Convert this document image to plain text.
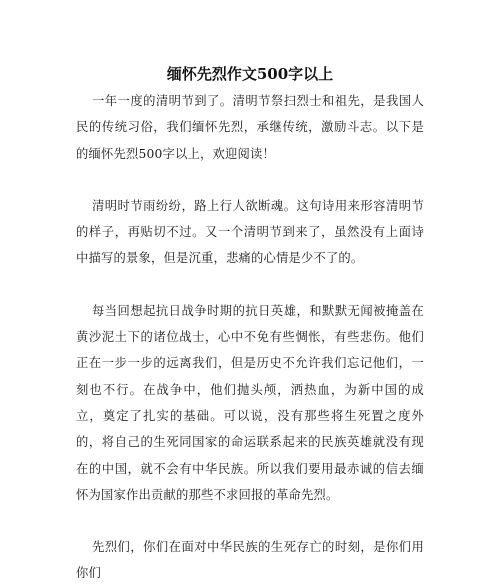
缅怀先烈作文500字以上

一年一度的清明节到了。清明节祭扫烈士和祖先，是我国人民的传统习俗，我们缅怀先烈，承继传统，激励斗志。以下是的缅怀先烈500字以上，欢迎阅读！

清明时节雨纷纷，路上行人欲断魂。这句诗用来形容清明节的样子，再贴切不过。又一个清明节到来了，虽然没有上面诗中描写的景象，但是沉重，悲痛的心情是少不了的。

每当回想起抗日战争时期的抗日英雄，和默默无闻被掩盖在黄沙泥土下的诸位战士，心中不免有些惆怅，有些悲伤。他们正在一步一步的远离我们，但是历史不允许我们忘记他们，一刻也不行。在战争中，他们抛头颅，洒热血，为新中国的成立，奠定了扎实的基础。可以说，没有那些将生死置之度外的，将自己的生死同国家的命运联系起来的民族英雄就没有现在的中国，就不会有中华民族。所以我们要用最赤诚的信去缅怀为国家作出贡献的那些不求回报的革命先烈。

先烈们，你们在面对中华民族的生死存亡的时刻，是你们用你们
